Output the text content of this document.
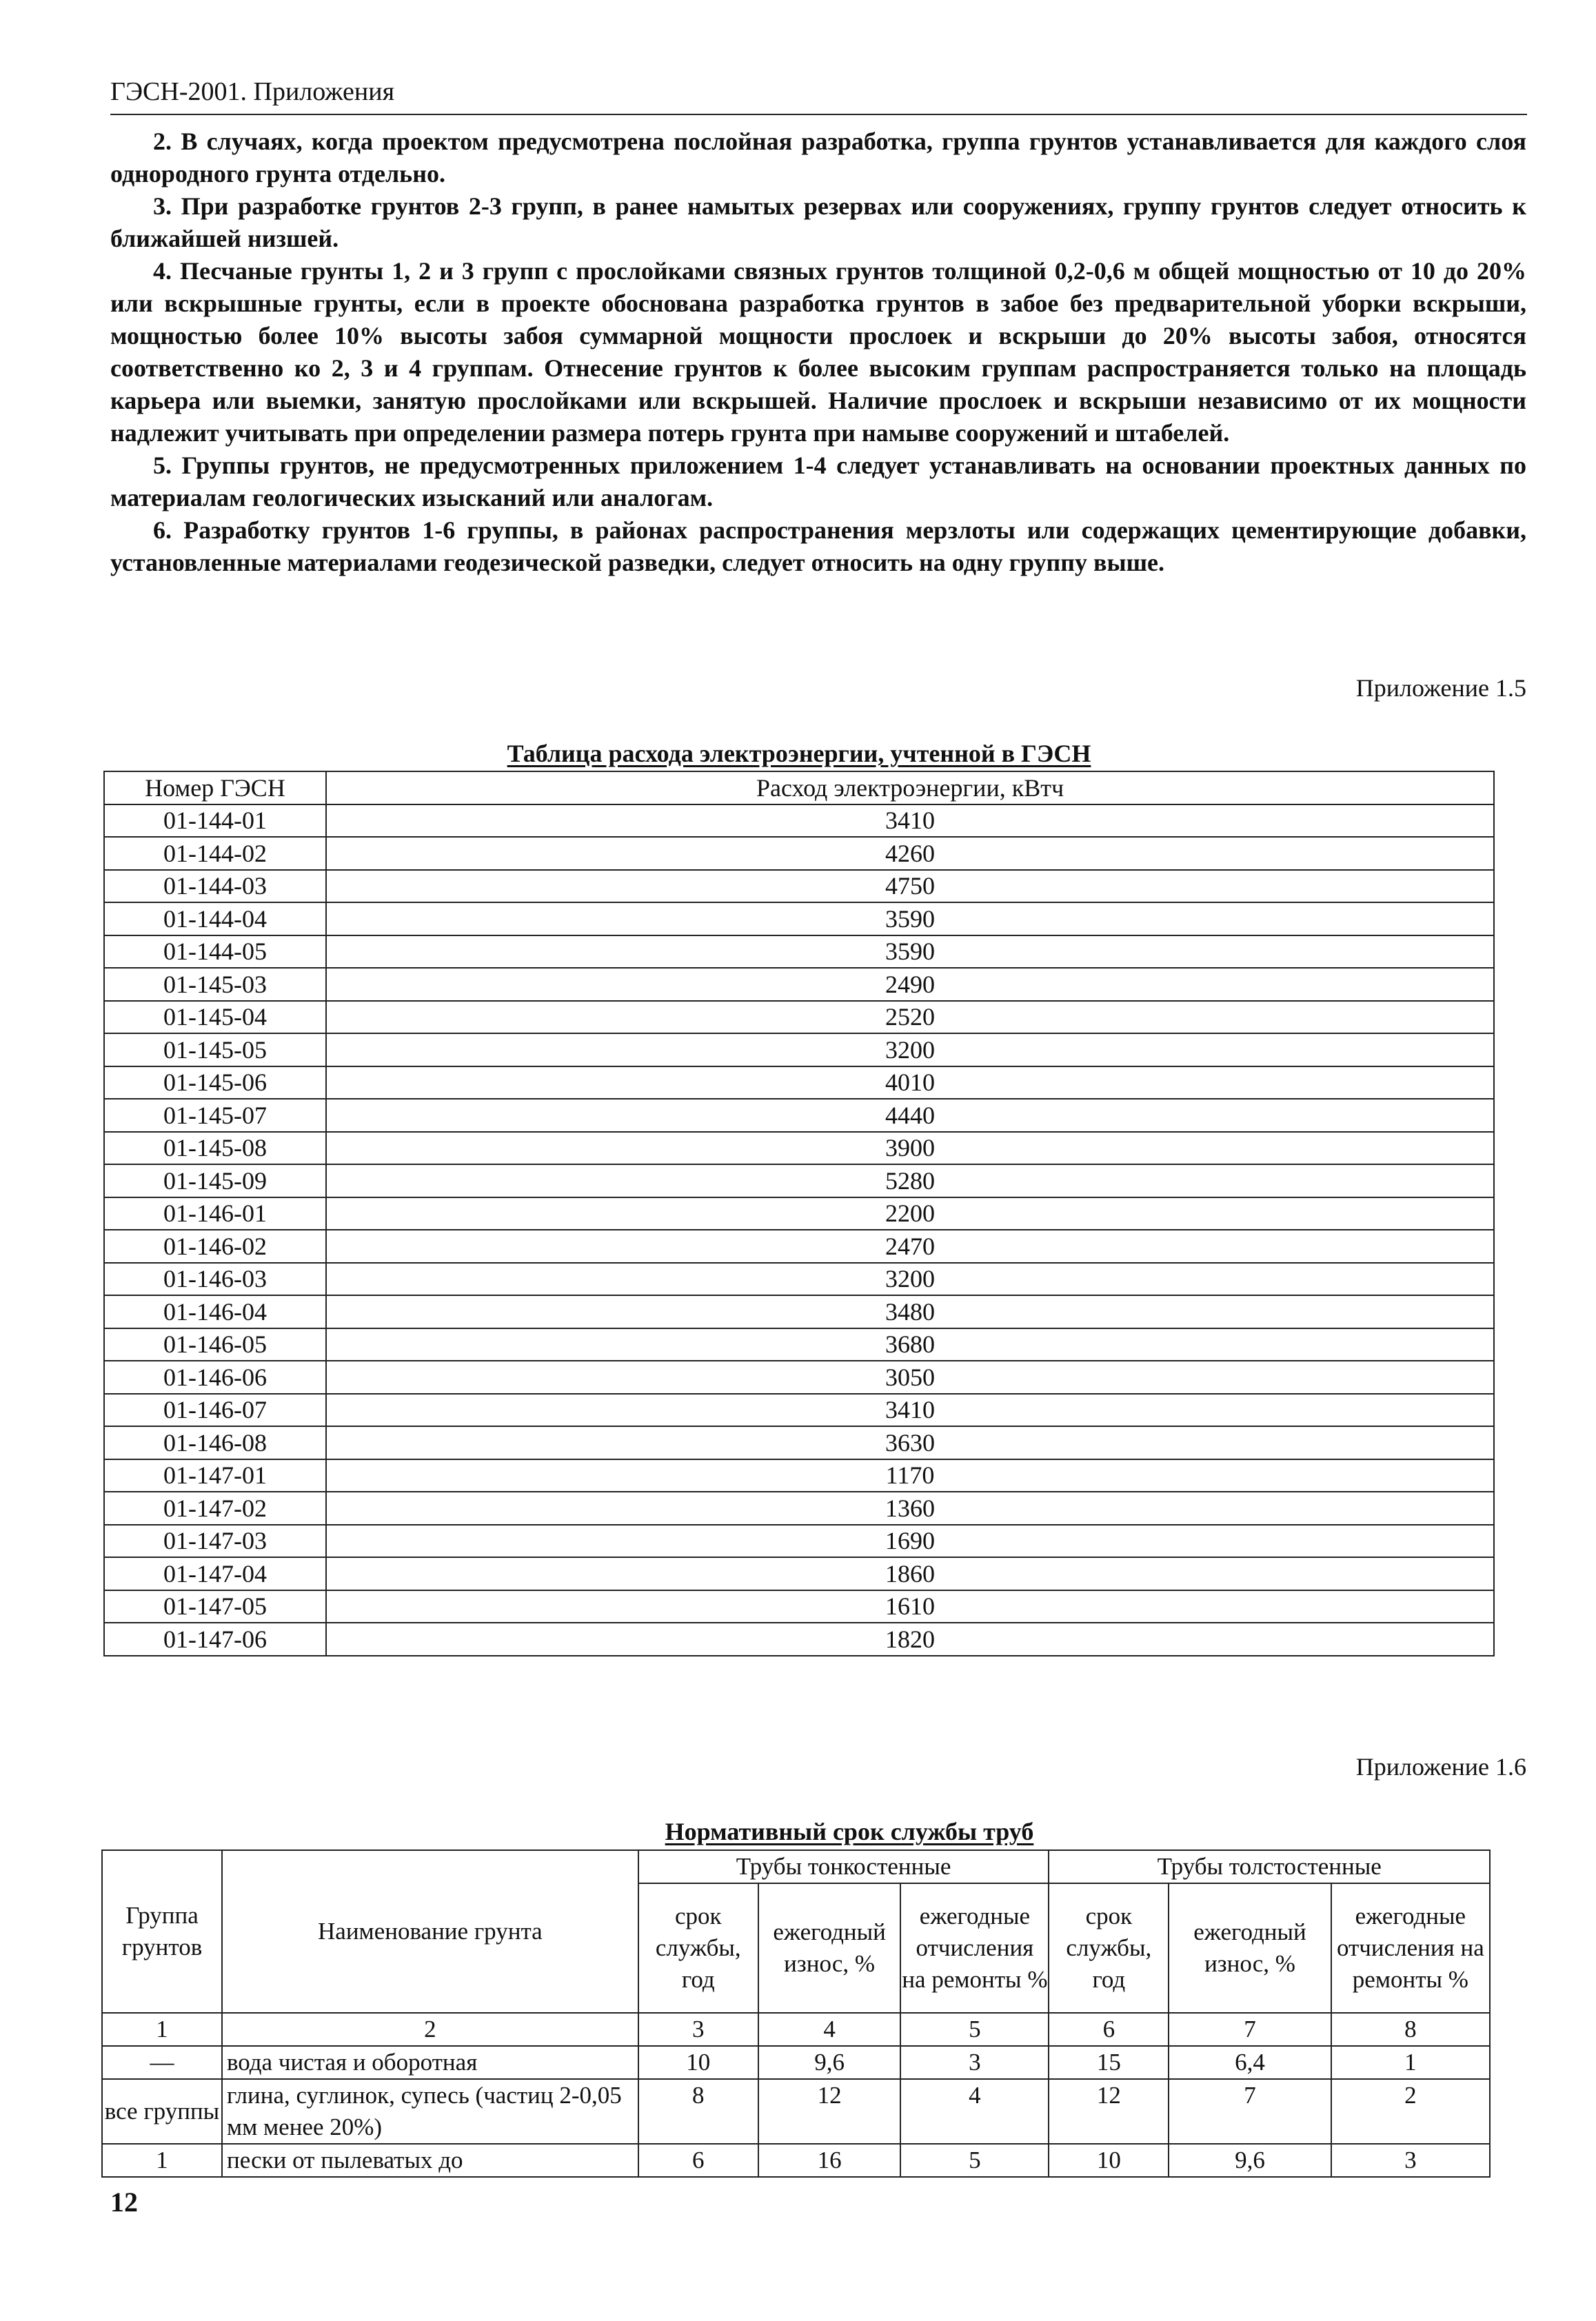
ГЭСН-2001. Приложения

2. В случаях, когда проектом предусмотрена послойная разработка, группа грунтов устанавливается для каждого слоя однородного грунта отдельно.

3. При разработке грунтов 2-3 групп, в ранее намытых резервах или сооружениях, группу грунтов следует относить к ближайшей низшей.

4. Песчаные грунты 1, 2 и 3 групп с прослойками связных грунтов толщиной 0,2-0,6 м общей мощностью от 10 до 20% или вскрышные грунты, если в проекте обоснована разработка грунтов в забое без предварительной уборки вскрыши, мощностью более 10% высоты забоя суммарной мощности прослоек и вскрыши до 20% высоты забоя, относятся соответственно ко 2, 3 и 4 группам. Отнесение грунтов к более высоким группам распространяется только на площадь карьера или выемки, занятую прослойками или вскрышей. Наличие прослоек и вскрыши независимо от их мощности надлежит учитывать при определении размера потерь грунта при намыве сооружений и штабелей.

5. Группы грунтов, не предусмотренных приложением 1-4 следует устанавливать на основании проектных данных по материалам геологических изысканий или аналогам.

6. Разработку грунтов 1-6 группы, в районах распространения мерзлоты или содержащих цементирующие добавки, установленные материалами геодезической разведки, следует относить на одну группу выше.

Приложение 1.5
Таблица расхода электроэнергии, учтенной в ГЭСН
Номер ГЭСН	Расход электроэнергии, кВтч
01-144-01	3410
01-144-02	4260
01-144-03	4750
01-144-04	3590
01-144-05	3590
01-145-03	2490
01-145-04	2520
01-145-05	3200
01-145-06	4010
01-145-07	4440
01-145-08	3900
01-145-09	5280
01-146-01	2200
01-146-02	2470
01-146-03	3200
01-146-04	3480
01-146-05	3680
01-146-06	3050
01-146-07	3410
01-146-08	3630
01-147-01	1170
01-147-02	1360
01-147-03	1690
01-147-04	1860
01-147-05	1610
01-147-06	1820
Приложение 1.6
Нормативный срок службы труб
Группа грунтов	Наименование грунта	Трубы тонкостенные			Трубы толстостенные		
		срок службы, год	ежегодный износ, %	ежегодные отчисления на ремонты %	срок службы, год	ежегодный износ, %	ежегодные отчисления на ремонты %
1	2	3	4	5	6	7	8
—	вода чистая и оборотная	10	9,6	3	15	6,4	1
все группы	глина, суглинок, супесь (частиц 2-0,05 мм менее 20%)	8	12	4	12	7	2
1	пески от пылеватых до	6	16	5	10	9,6	3
12
